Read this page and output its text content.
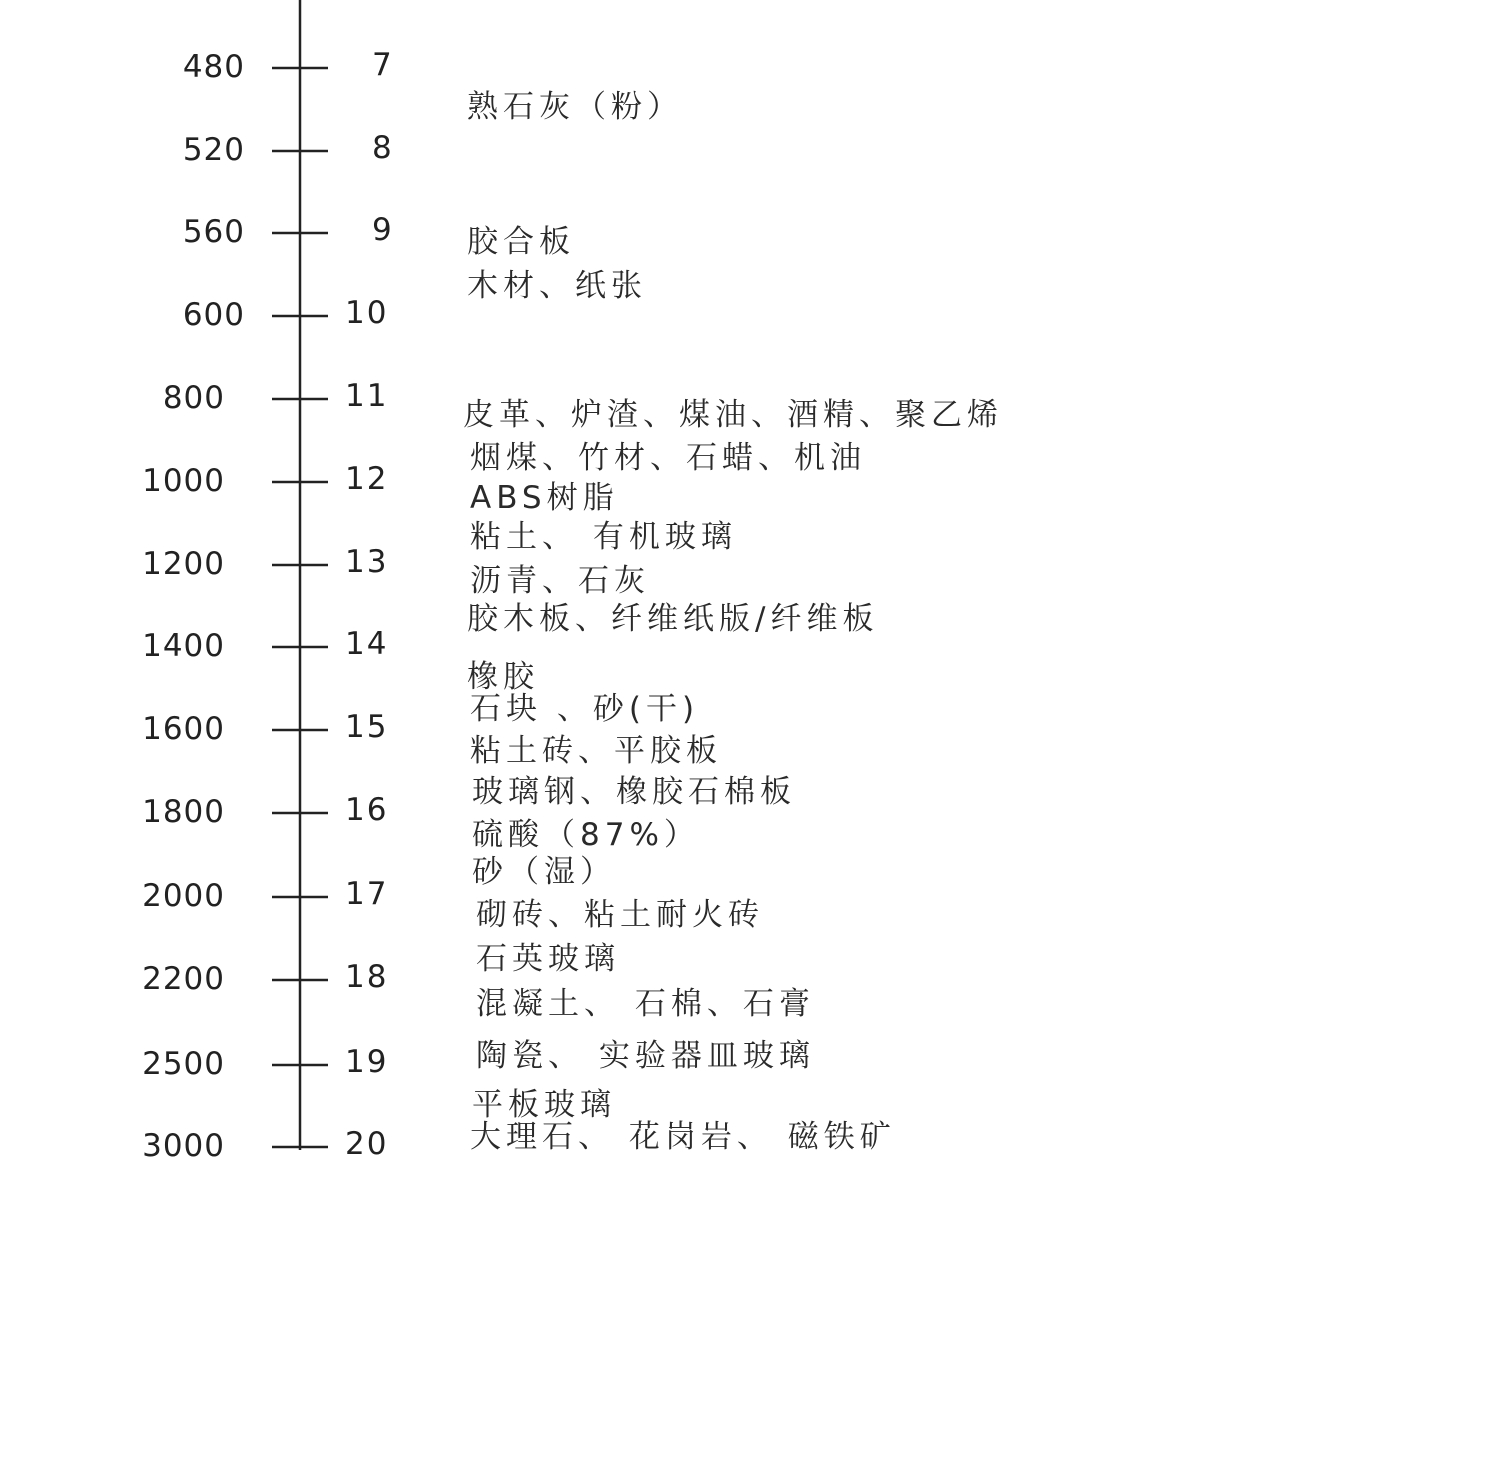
480
520
560
600
800
1000
1200
1400
1600
1800
2000
2200
2500
3000
7
8
9
10
11
12
13
14
15
16
17
18
19
20
熟石灰（粉）
胶合板
木材、纸张
皮革、炉渣、煤油、酒精、聚乙烯
烟煤、竹材、石蜡、机油
ABS树脂
粘土、 有机玻璃
沥青、石灰
胶木板、纤维纸版/纤维板
橡胶
石块 、砂(干)
粘土砖、平胶板
玻璃钢、橡胶石棉板
硫酸（87%）
砂（湿）
砌砖、粘土耐火砖
石英玻璃
混凝土、 石棉、石膏
陶瓷、 实验器皿玻璃
平板玻璃
大理石、 花岗岩、 磁铁矿
